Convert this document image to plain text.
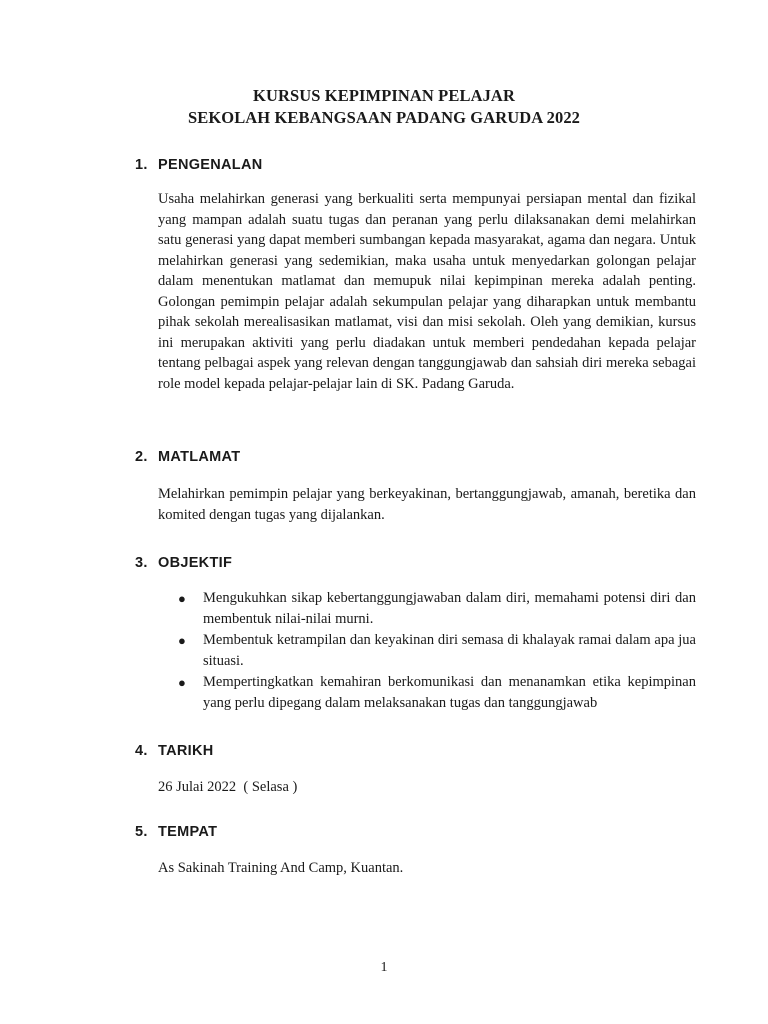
KURSUS KEPIMPINAN PELAJAR
SEKOLAH KEBANGSAAN PADANG GARUDA 2022
1. PENGENALAN
Usaha melahirkan generasi yang berkualiti serta mempunyai persiapan mental dan fizikal yang mampan adalah suatu tugas dan peranan yang perlu dilaksanakan demi melahirkan satu generasi yang dapat memberi sumbangan kepada masyarakat, agama dan negara. Untuk melahirkan generasi yang sedemikian, maka usaha untuk menyedarkan golongan pelajar dalam menentukan matlamat dan memupuk nilai kepimpinan mereka adalah penting. Golongan pemimpin pelajar adalah sekumpulan pelajar yang diharapkan untuk membantu pihak sekolah merealisasikan matlamat, visi dan misi sekolah. Oleh yang demikian, kursus ini merupakan aktiviti yang perlu diadakan untuk memberi pendedahan kepada pelajar tentang pelbagai aspek yang relevan dengan tanggungjawab dan sahsiah diri mereka sebagai role model kepada pelajar-pelajar lain di SK. Padang Garuda.
2. MATLAMAT
Melahirkan pemimpin pelajar yang berkeyakinan, bertanggungjawab, amanah, beretika dan komited dengan tugas yang dijalankan.
3. OBJEKTIF
● Mengukuhkan sikap kebertanggungjawaban dalam diri, memahami potensi diri dan membentuk nilai-nilai murni.
● Membentuk ketrampilan dan keyakinan diri semasa di khalayak ramai dalam apa jua situasi.
● Mempertingkatkan kemahiran berkomunikasi dan menanamkan etika kepimpinan yang perlu dipegang dalam melaksanakan tugas dan tanggungjawab
4. TARIKH
26 Julai 2022  ( Selasa )
5. TEMPAT
As Sakinah Training And Camp, Kuantan.
1
